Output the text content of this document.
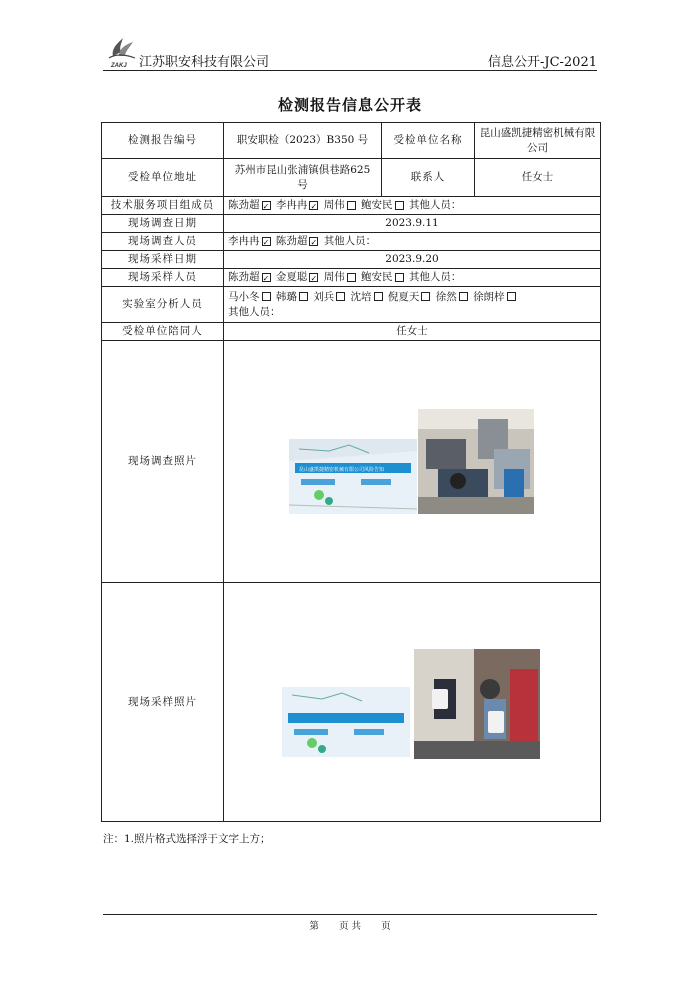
ZAKJ 江苏职安科技有限公司	信息公开-JC-2021
检测报告信息公开表
检测报告编号	职安职检（2023）B350 号	受检单位名称	昆山盛凯捷精密机械有限公司
受检单位地址	苏州市昆山张浦镇俱巷路625 号	联系人	任女士
技术服务项目组成员	陈劲超 ✓ 李冉冉 ✓ 周伟 鲍安民 其他人员：		
现场调查日期	2023.9.11		
现场调查人员	李冉冉 ✓ 陈劲超 ✓ 其他人员：		
现场采样日期	2023.9.20		
现场采样人员	陈劲超 ✓ 金夏聪 ✓ 周伟 鲍安民 其他人员：		
实验室分析人员	马小冬 韩璐 刘兵 沈培 倪夏天 徐然 徐朗梓
其他人员：		
受检单位陪同人	任女士		
现场调查照片	昆山盛凯捷精密机械有限公司风险告知		

现场采样照片	
注：1.照片格式选择浮于文字上方；
第 页 共 页
